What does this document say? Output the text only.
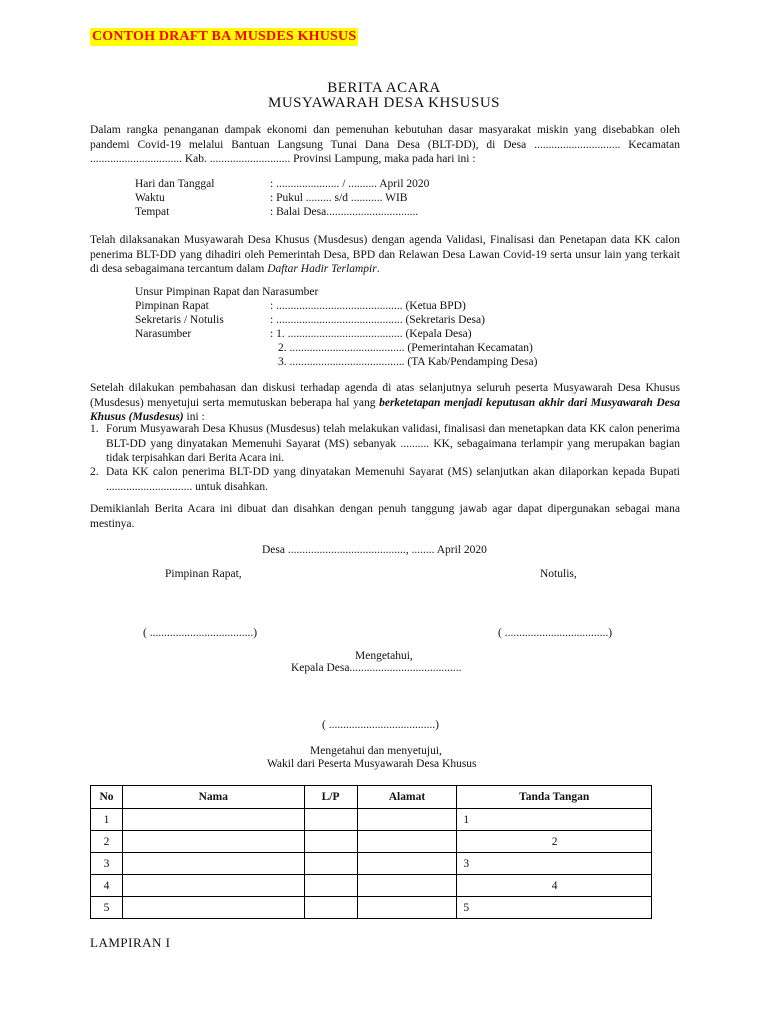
CONTOH DRAFT BA MUSDES KHUSUS
BERITA ACARA
MUSYAWARAH DESA KHSUSUS
Dalam rangka penanganan dampak ekonomi dan pemenuhan kebutuhan dasar masyarakat miskin yang disebabkan oleh pandemi Covid-19 melalui Bantuan Langsung Tunai Dana Desa (BLT-DD), di Desa .............................. Kecamatan ................................ Kab. ............................ Provinsi Lampung, maka pada hari ini :
Hari dan Tanggal	: ...................... / .......... April 2020
Waktu	: Pukul ......... s/d ........... WIB
Tempat	: Balai Desa................................
Telah dilaksanakan Musyawarah Desa Khusus (Musdesus) dengan agenda Validasi, Finalisasi dan Penetapan data KK calon penerima BLT-DD yang dihadiri oleh Pemerintah Desa, BPD dan Relawan Desa Lawan Covid-19 serta unsur lain yang terkait di desa sebagaimana tercantum dalam Daftar Hadir Terlampir.
Unsur Pimpinan Rapat dan Narasumber
Pimpinan Rapat	: ............................................ (Ketua BPD)
Sekretaris / Notulis	: ............................................ (Sekretaris Desa)
Narasumber	: 1. ........................................ (Kepala Desa)
2. ........................................ (Pemerintahan Kecamatan)
3. ........................................ (TA Kab/Pendamping Desa)
Setelah dilakukan pembahasan dan diskusi terhadap agenda di atas selanjutnya seluruh peserta Musyawarah Desa Khusus (Musdesus) menyetujui serta memutuskan beberapa hal yang berketetapan menjadi keputusan akhir dari Musyawarah Desa Khusus (Musdesus) ini :
1. Forum Musyawarah Desa Khusus (Musdesus) telah melakukan validasi, finalisasi dan menetapkan data KK calon penerima BLT-DD yang dinyatakan Memenuhi Sayarat (MS) sebanyak .......... KK, sebagaimana terlampir yang merupakan bagian tidak terpisahkan dari Berita Acara ini.
2. Data KK calon penerima BLT-DD yang dinyatakan Memenuhi Sayarat (MS) selanjutkan akan dilaporkan kepada Bupati .............................. untuk disahkan.
Demikianlah Berita Acara ini dibuat dan disahkan dengan penuh tanggung jawab agar dapat dipergunakan sebagai mana mestinya.
Desa ........................................., ........ April 2020
Pimpinan Rapat,	Notulis,
( ....................................)	( ....................................)
Mengetahui,
Kepala Desa.......................................
( .....................................)
Mengetahui dan menyetujui,
Wakil dari Peserta Musyawarah Desa Khusus
No	Nama	L/P	Alamat	Tanda Tangan	
1				1	
2					2
3				3	
4					4
5				5	
LAMPIRAN I
